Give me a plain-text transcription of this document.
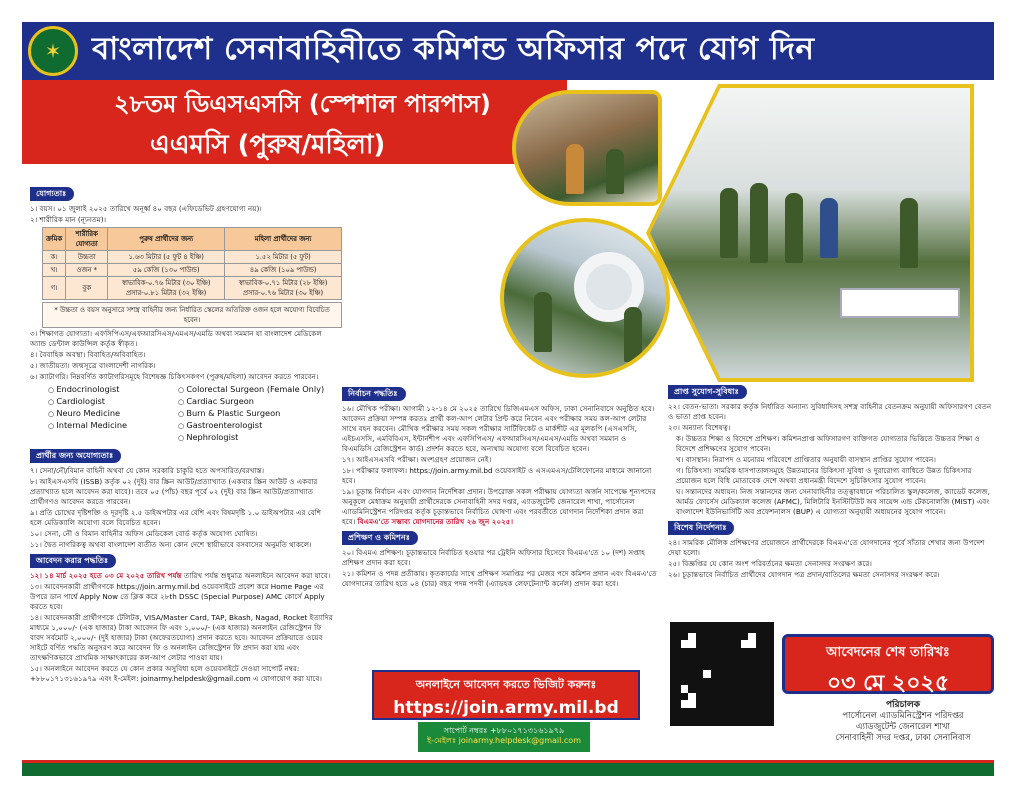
বাংলাদেশ সেনাবাহিনীতে কমিশন্ড অফিসার পদে যোগ দিন
✶
২৮তম ডিএসএসসি (স্পেশাল পারপাস)
এএমসি (পুরুষ/মহিলা)
যোগ্যতাঃ
১। বয়স। ০১ জুলাই ২০২৫ তারিখে অনূর্ধ্ব ৪০ বছর (এফিডেভিট গ্রহণযোগ্য নয়)।
২। শারীরিক মান (ন্যূনতম)।
ক্রমিক	শারীরিক যোগ্যতা	পুরুষ প্রার্থীদের জন্য	মহিলা প্রার্থীদের জন্য
ক।	উচ্চতা	১.৬৩ মিটার (৫ ফুট ৪ ইঞ্চি)	১.৫২ মিটার (৫ ফুট)
খ।	ওজন *	৫৯ কেজি (১৩০ পাউন্ড)	৪৯ কেজি (১০৯ পাউন্ড)
গ।	বুক	স্বাভাবিক-০.৭৬ মিটার (৩০ ইঞ্চি) প্রসার-০.৮১ মিটার (৩২ ইঞ্চি)	স্বাভাবিক-০.৭১ মিটার (২৮ ইঞ্চি) প্রসার-০.৭৬ মিটার (৩০ ইঞ্চি)
* উচ্চতা ও বয়স অনুসারে সশস্ত্র বাহিনীর জন্য নির্ধারিত স্কেলের অতিরিক্ত ওজন হলে অযোগ্য বিবেচিত হবেন।
৩। শিক্ষাগত যোগ্যতা। এফসিপিএস/এফআরসিএস/এমএস/এমডি অথবা সমমান যা বাংলাদেশ মেডিকেল অ্যান্ড ডেন্টাল কাউন্সিল কর্তৃক স্বীকৃত।
৪। বৈবাহিক অবস্থা। বিবাহিত/অবিবাহিত।
৫। জাতীয়তা। জন্মসূত্রে বাংলাদেশী নাগরিক।
৬। ক্যাটাগরি। নিম্নবর্ণিত ক্যাটাগরিসমূহে বিশেষজ্ঞ চিকিৎসকগণ (পুরুষ/মহিলা) আবেদন করতে পারবেন।
○ Endocrinologist	○ Colorectal Surgeon (Female Only)
○ Cardiologist	○ Cardiac Surgeon
○ Neuro Medicine	○ Burn & Plastic Surgeon
○ Internal Medicine	○ Gastroenterologist
○ Nephrologist
প্রার্থীর জন্য অযোগ্যতাঃ
৭। সেনা/নৌ/বিমান বাহিনী অথবা যে কোন সরকারি চাকুরি হতে অপসারিত/বরখাস্ত।
৮। আইএসএসবি (ISSB) কর্তৃক ০২ (দুই) বার স্ক্রিন আউট/প্রত্যাখ্যাত (একবার স্ক্রিন আউট ও একবার প্রত্যাখ্যাত হলে আবেদন করা যাবে)। তবে ০৫ (পাঁচ) বছর পূর্বে ০২ (দুই) বার স্ক্রিন আউট/প্রত্যাখ্যাত প্রার্থীগণও আবেদন করতে পারবেন।
৯। প্রতি চোখের দৃষ্টিশক্তি ও দূরদৃষ্টি ২.৫ ডাইঅপটার এর বেশি এবং বিষমদৃষ্টি ১.০ ডাইঅপটার এর বেশি হলে মেডিক্যালি অযোগ্য বলে বিবেচিত হবেন।
১০। সেনা, নৌ ও বিমান বাহিনীর অফিস মেডিকেল বোর্ড কর্তৃক অযোগ্য ঘোষিত।
১১। দ্বৈত নাগরিকত্ব অথবা বাংলাদেশ ব্যতীত অন্য কোন দেশে স্থায়ীভাবে বসবাসের অনুমতি থাকলে।
আবেদন করার পদ্ধতিঃ
১২। ১৪ মার্চ ২০২৫ হতে ০৩ মে ২০২৫ তারিখ পর্যন্ত তারিখ পর্যন্ত শুধুমাত্র অনলাইনে আবেদন করা যাবে।
১৩। আবেদনকারী প্রার্থীগণকে https://join.army.mil.bd ওয়েবসাইটে প্রবেশ করে Home Page এর উপরে ডান পার্শ্বে Apply Now তে ক্লিক করে ২৮th DSSC (Special Purpose) AMC কোর্সে Apply করতে হবে।
১৪। আবেদনকারী প্রার্থীগণকে টেলিটক, VISA/Master Card, TAP, Bkash, Nagad, Rocket ইত্যাদির মাধ্যমে ১,০০০/- (এক হাজার) টাকা আবেদন ফি এবং ১,০০০/- (এক হাজার) অনলাইন রেজিস্ট্রেশন ফি বাবদ সর্বমোট ২,০০০/- (দুই হাজার) টাকা (অফেরতযোগ্য) প্রদান করতে হবে। আবেদন প্রক্রিয়াতে ওয়েব সাইটে বর্ণিত পদ্ধতি অনুসরণ করে আবেদন ফি ও অনলাইন রেজিস্ট্রেশন ফি প্রদান করা যায় এবং তাৎক্ষণিকভাবে প্রাথমিক সাক্ষাৎকারের কল-আপ লেটার পাওয়া যায়।
১৫। অনলাইনে আবেদন করতে যে কোন প্রকার অসুবিধা হলে ওয়েবসাইটে দেওয়া সাপোর্ট নম্বর: +৮৮০১৭১৩১৬১৯৭৯ এবং ই-মেইল: joinarmy.helpdesk@gmail.com এ যোগাযোগ করা যাবে।
নির্বাচন পদ্ধতিঃ
১৬। মৌখিক পরীক্ষা। আগামী ১২-১৪ মে ২০২৫ তারিখে ডিজিএমএস অফিস, ঢাকা সেনানিবাসে অনুষ্ঠিত হবে। আবেদন প্রক্রিয়া সম্পন্ন করতঃ প্রার্থী কল-আপ লেটার প্রিন্ট করে নিবেন এবং পরীক্ষার সময় কল-আপ লেটার সাথে বহন করবেন। মৌখিক পরীক্ষার সময় সকল পরীক্ষার সার্টিফিকেট ও মার্কশীট এর মূলকপি (এসএসসি, এইচএসসি, এমবিবিএস, ইন্টার্নশীপ এবং এফসিপিএস/ এফআরসিএস/এমএস/এমডি অথবা সমমান ও বিএমডিসি রেজিস্ট্রেশন কার্ড) প্রদর্শন করতে হবে, অন্যথায় অযোগ্য বলে বিবেচিত হবেন।
১৭। আইএসএসবি পরীক্ষা। অংশগ্রহণ প্রয়োজন নেই।
১৮। পরীক্ষার ফলাফল। https://join.army.mil.bd ওয়েবসাইট ও এসএমএস/টেলিফোনের মাধ্যমে জানানো হবে।
১৯। চূড়ান্ত নির্বাচন এবং যোগদান নির্দেশিকা প্রদান। উপরোক্ত সকল পরীক্ষায় যোগ্যতা অর্জন সাপেক্ষে শূন্যপদের অনুকূলে মেধাক্রম অনুযায়ী প্রার্থীদেরকে সেনাবাহিনী সদর দপ্তর, এ্যাডজুটেন্ট জেনারেল শাখা, পার্সোনেল এ্যাডমিনিস্ট্রেশন পরিদপ্তর কর্তৃক চূড়ান্তভাবে নির্বাচিত ঘোষণা এবং পরবর্তীতে যোগদান নির্দেশিকা প্রদান করা হবে। বিএমএ'তে সম্ভাব্য যোগদানের তারিখ ২৬ জুন ২০২৫।
প্রশিক্ষণ ও কমিশনঃ
২০। বিএমএ প্রশিক্ষণ। চূড়ান্তভাবে নির্বাচিত হওয়ার পর ট্রেইনি অফিসার হিসেবে বিএমএ'তে ১০ (দশ) সপ্তাহ প্রশিক্ষণ প্রদান করা হবে।
২১। কমিশন ও পদন্ন প্রতীকায়। কৃতকার্যের সাথে প্রশিক্ষণ সমাপ্তির পর মেজর পদে কমিশন প্রদান এবং বিএমএ'তে যোগদানের তারিখ হতে ০৪ (চার) বছর পদন্ন পদবী (এ্যাডহক লেফটেন্যান্ট কর্নেল) প্রদান করা হবে।
অনলাইনে আবেদন করতে ভিজিট করুনঃ
https://join.army.mil.bd
সাপোর্ট নম্বরঃ +৮৮০১৭১৩১৬১৯৭৯
ই-মেইলঃ joinarmy.helpdesk@gmail.com
প্রাপ্ত সুযোগ-সুবিধাঃ
২২। বেতন-ভাতা। সরকার কর্তৃক নির্ধারিত অন্যান্য সুবিধাদিসহ সশস্ত্র বাহিনীর বেতনক্রম অনুযায়ী অফিসারগণ বেতন ও ভাতা প্রাপ্ত হবেন।
২৩। অন্যান্য বিশেষত্ব।
ক। উচ্চতর শিক্ষা ও বিদেশে প্রশিক্ষণ। কমিশনপ্রাপ্ত অফিসারগণ ব্যক্তিগত যোগ্যতার ভিত্তিতে উচ্চতর শিক্ষা ও বিদেশে প্রশিক্ষণের সুযোগ পাবেন।
খ। বাসস্থান। নিরাপদ ও মনোরম পরিবেশে প্রাপ্তিতার অনুযায়ী বাসস্থান প্রাপ্তির সুযোগ পাবেন।
গ। চিকিৎসা। সামরিক হাসপাতালসমূহে উন্নতমানের চিকিৎসা সুবিধা ও দুরারোগ্য ব্যাধিতে উন্নত চিকিৎসার প্রয়োজন হলে বিধি মোতাবেক দেশে অথবা প্রধানমন্ত্রী বিদেশে সুচিকিৎসার সুযোগ পাবেন।
ঘ। সন্তানদের অধ্যয়ন। নিজ সন্তানদের জন্য সেনাবাহিনীর তত্ত্বাবধানে পরিচালিত স্কুল/কলেজ, ক্যাডেট কলেজ, আর্মড ফোর্সেস মেডিক্যাল কলেজ (AFMC), মিলিটারি ইনস্টিটিউট অব সায়েন্স এন্ড টেকনোলজি (MIST) এবং বাংলাদেশ ইউনিভার্সিটি অব প্রফেশনালস (BUP) এ যোগ্যতা অনুযায়ী অধ্যয়নের সুযোগ পাবেন।
বিশেষ নির্দেশনাঃ
২৪। সামরিক মৌলিক প্রশিক্ষণের প্রয়োজনে প্রার্থীদেরকে বিএমএ'তে যোগদানের পূর্বে সাঁতার শেখার জন্য উপদেশ দেয়া হলো।
২৫। বিজ্ঞপ্তির যে কোন অংশ পরিবর্তনের ক্ষমতা সেনাসদর সংরক্ষণ করে।
২৬। চূড়ান্তভাবে নির্বাচিত প্রার্থীদের যোগদান পত্র প্রদান/বাতিলের ক্ষমতা সেনাসদর সংরক্ষণ করে।
আবেদনের শেষ তারিখঃ
০৩ মে ২০২৫
পরিচালক
পার্সোনেল এ্যাডমিনিস্ট্রেশন পরিদপ্তর
এ্যাডজুটেন্ট জেনারেল শাখা
সেনাবাহিনী সদর দপ্তর, ঢাকা সেনানিবাস
